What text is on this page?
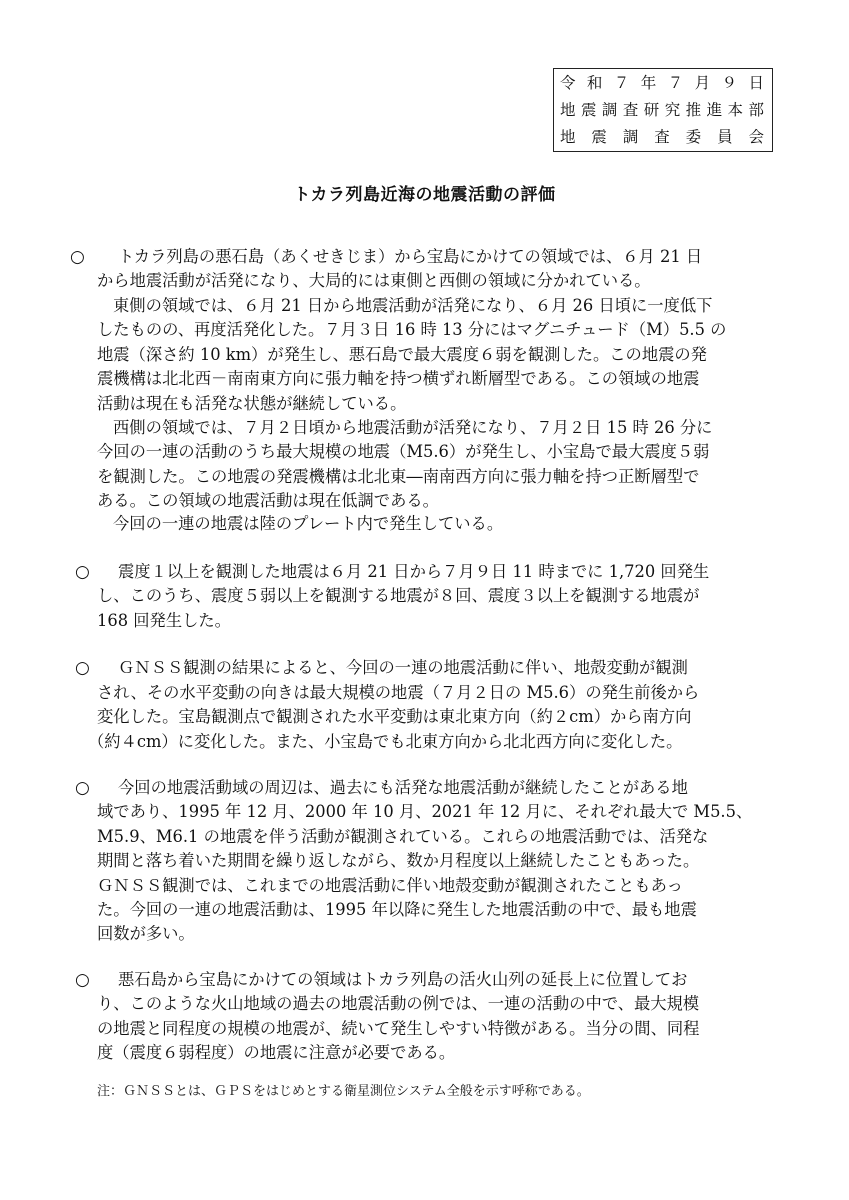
令 和 ７ 年 ７ 月 ９ 日
地震調査研究推進本部
地 震 調 査 委 員 会
トカラ列島近海の地震活動の評価
○ トカラ列島の悪石島（あくせきじま）から宝島にかけての領域では、６月 21 日
から地震活動が活発になり、大局的には東側と西側の領域に分かれている。
東側の領域では、６月 21 日から地震活動が活発になり、６月 26 日頃に一度低下
したものの、再度活発化した。７月３日 16 時 13 分にはマグニチュード（M）5.5 の
地震（深さ約 10 km）が発生し、悪石島で最大震度６弱を観測した。この地震の発
震機構は北北西－南南東方向に張力軸を持つ横ずれ断層型である。この領域の地震
活動は現在も活発な状態が継続している。
西側の領域では、７月２日頃から地震活動が活発になり、７月２日 15 時 26 分に
今回の一連の活動のうち最大規模の地震（M5.6）が発生し、小宝島で最大震度５弱
を観測した。この地震の発震機構は北北東―南南西方向に張力軸を持つ正断層型で
ある。この領域の地震活動は現在低調である。
今回の一連の地震は陸のプレート内で発生している。
○ 震度１以上を観測した地震は６月 21 日から７月９日 11 時までに 1,720 回発生
し、このうち、震度５弱以上を観測する地震が８回、震度３以上を観測する地震が
168 回発生した。
○ ＧＮＳＳ観測の結果によると、今回の一連の地震活動に伴い、地殻変動が観測
され、その水平変動の向きは最大規模の地震（７月２日の M5.6）の発生前後から
変化した。宝島観測点で観測された水平変動は東北東方向（約２cm）から南方向
（約４cm）に変化した。また、小宝島でも北東方向から北北西方向に変化した。
○ 今回の地震活動域の周辺は、過去にも活発な地震活動が継続したことがある地
域であり、1995 年 12 月、2000 年 10 月、2021 年 12 月に、それぞれ最大で M5.5、
M5.9、M6.1 の地震を伴う活動が観測されている。これらの地震活動では、活発な
期間と落ち着いた期間を繰り返しながら、数か月程度以上継続したこともあった。
ＧＮＳＳ観測では、これまでの地震活動に伴い地殻変動が観測されたこともあっ
た。今回の一連の地震活動は、1995 年以降に発生した地震活動の中で、最も地震
回数が多い。
○ 悪石島から宝島にかけての領域はトカラ列島の活火山列の延長上に位置してお
り、このような火山地域の過去の地震活動の例では、一連の活動の中で、最大規模
の地震と同程度の規模の地震が、続いて発生しやすい特徴がある。当分の間、同程
度（震度６弱程度）の地震に注意が必要である。
注：ＧＮＳＳとは、ＧＰＳをはじめとする衛星測位システム全般を示す呼称である。
